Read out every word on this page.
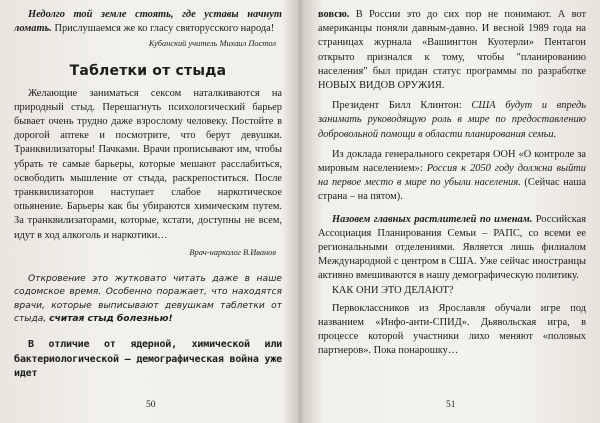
Недолго той земле стоять, где уставы начнут ломать. Прислушаемся же ко гласу святорусского народа!

Кубанский учитель Михаил Постол
Таблетки от стыда

Желающие заниматься сексом наталкиваются на природный стыд. Перешагнуть психологический барьер бывает очень трудно даже взрослому человеку. Постойте в дорогой аптеке и посмотрите, что берут девушки. Транквилизаторы! Пачками. Врачи прописывают им, чтобы убрать те самые барьеры, которые мешают расслабиться, освободить мышление от стыда, раскрепоститься. После транквилизаторов наступает слабое наркотическое опьянение. Барьеры как бы убираются химическим путем. За транквилизаторами, которые, кстати, доступны не всем, идут в ход алкоголь и наркотики…

Врач-нарколог В.Иванов

Откровение это жутковато читать даже в наше содомское время. Особенно поражает, что находятся врачи, которые выписывают девушкам таблетки от стыда, считая стыд болезнью!

В отличие от ядерной, химической или бактериологической – демографическая война уже идет

50

вовсю. В России это до сих пор не понимают. А вот американцы поняли давным-давно. И весной 1989 года на страницах журнала «Вашингтон Куотерли» Пентагон открыто признался к тому, чтобы "планированию населения" был придан статус программы по разработке НОВЫХ ВИДОВ ОРУЖИЯ.

Президент Билл Клинтон: США будут и впредь занимать руководящую роль в мире по предоставлению добровольной помощи в области планирования семьи.

Из доклада генерального секретаря ООН «О контроле за мировым населением»: Россия к 2050 году должна выйти на первое место в мире по убыли населения. (Сейчас наша страна – на пятом).

Назовем главных растлителей по именам. Российская Ассоциация Планирования Семьи – РАПС, со всеми ее региональными отделениями. Является лишь филиалом Международной с центром в США. Уже сейчас иностранцы активно вмешиваются в нашу демографическую политику.

КАК ОНИ ЭТО ДЕЛАЮТ?

Первоклассников из Ярославля обучали игре под названием «Инфо-анти-СПИД». Дьявольская игра, в процессе которой участники лихо меняют «половых партнеров». Пока понарошку…

51
